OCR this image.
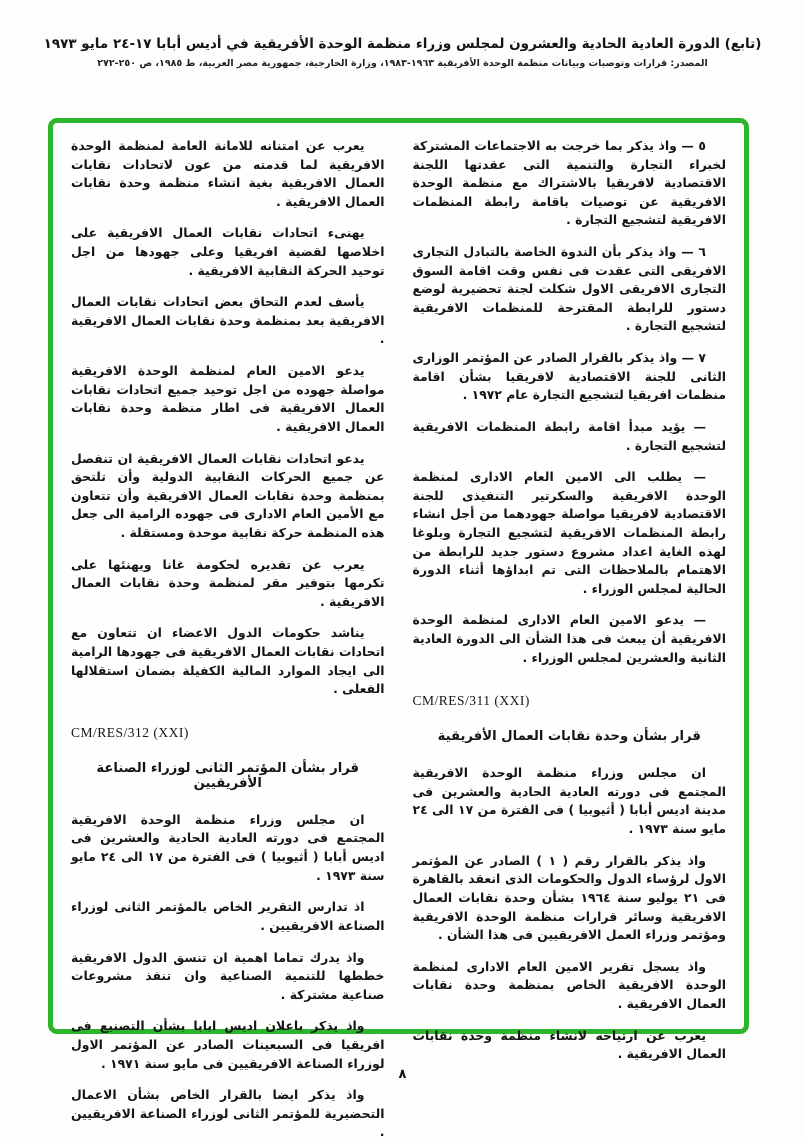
(تابع) الدورة العادية الحادية والعشرون لمجلس وزراء منظمة الوحدة الأفريقية في أديس أبابا ١٧-٢٤ مايو ١٩٧٣
المصدر: قرارات وتوصيات وبيانات منظمة الوحدة الأفريقية ١٩٦٣-١٩٨٣، وزارة الخارجية، جمهورية مصر العربية، ط ١٩٨٥، ص ٢٥٠-٢٧٢

٥ — واذ يذكر بما خرجت به الاجتماعات المشتركة لخبراء التجارة والتنمية التى عقدتها اللجنة الاقتصادية لافريقيا بالاشتراك مع منظمة الوحدة الافريقية عن توصيات باقامة رابطة المنظمات الافريقية لتشجيع التجارة .

٦ — واذ يذكر بأن الندوة الخاصة بالتبادل التجارى الافريقى التى عقدت فى نفس وقت اقامة السوق التجارى الافريقى الاول شكلت لجنة تحضيرية لوضع دستور للرابطة المقترحة للمنظمات الافريقية لتشجيع التجارة .

٧ — واذ يذكر بالقرار الصادر عن المؤتمر الوزارى الثانى للجنة الاقتصادية لافريقيا بشأن اقامة منظمات افريقيا لتشجيع التجارة عام ١٩٧٢ .

— يؤيد مبدأ اقامة رابطة المنظمات الافريقية لتشجيع التجارة .

— يطلب الى الامين العام الادارى لمنظمة الوحدة الافريقية والسكرتير التنفيذى للجنة الاقتصادية لافريقيا مواصلة جهودهما من أجل انشاء رابطة المنظمات الافريقية لتشجيع التجارة وبلوغا لهذه الغاية اعداد مشروع دستور جديد للرابطة من الاهتمام بالملاحظات التى تم ابداؤها أثناء الدورة الحالية لمجلس الوزراء .

— يدعو الامين العام الادارى لمنظمة الوحدة الافريقية أن يبعث فى هذا الشأن الى الدورة العادية الثانية والعشرين لمجلس الوزراء .

CM/RES/311 (XXI)
قرار بشأن وحدة نقابات العمال الأفريقية

ان مجلس وزراء منظمة الوحدة الافريقية المجتمع فى دورته العادية الحادية والعشرين فى مدينة اديس أبابا ( أثيوبيا ) فى الفترة من ١٧ الى ٢٤ مايو سنة ١٩٧٣ .

واذ يذكر بالقرار رقم ( ١ ) الصادر عن المؤتمر الاول لرؤساء الدول والحكومات الذى انعقد بالقاهرة فى ٢١ يوليو سنة ١٩٦٤ بشأن وحدة نقابات العمال الافريقية وسائر قرارات منظمة الوحدة الافريقية ومؤتمر وزراء العمل الافريقيين فى هذا الشأن .

واذ يسجل تقرير الامين العام الادارى لمنظمة الوحدة الافريقية الخاص بمنظمة وحدة نقابات العمال الافريقية .

يعرب عن ارتياحه لانشاء منظمة وحدة نقابات العمال الافريقية .

يعرب عن امتنانه للامانة العامة لمنظمة الوحدة الافريقية لما قدمته من عون لاتحادات نقابات العمال الافريقية بغية انشاء منظمة وحدة نقابات العمال الافريقية .

يهنىء اتحادات نقابات العمال الافريقية على اخلاصها لقضية افريقيا وعلى جهودها من اجل توحيد الحركة النقابية الافريقية .

يأسف لعدم التحاق بعض اتحادات نقابات العمال الافريقية بعد بمنظمة وحدة نقابات العمال الافريقية .

يدعو الامين العام لمنظمة الوحدة الافريقية مواصلة جهوده من اجل توحيد جميع اتحادات نقابات العمال الافريقية فى اطار منظمة وحدة نقابات العمال الافريقية .

يدعو اتحادات نقابات العمال الافريقية ان تنفصل عن جميع الحركات النقابية الدولية وأن تلتحق بمنظمة وحدة نقابات العمال الافريقية وأن تتعاون مع الأمين العام الادارى فى جهوده الرامية الى جعل هذه المنظمة حركة نقابية موحدة ومستقلة .

يعرب عن تقديره لحكومة غانا ويهنئها على تكرمها بتوفير مقر لمنظمة وحدة نقابات العمال الافريقية .

يناشد حكومات الدول الاعضاء ان تتعاون مع اتحادات نقابات العمال الافريقية فى جهودها الرامية الى ايجاد الموارد المالية الكفيلة بضمان استقلالها الفعلى .

CM/RES/312 (XXI)
قرار بشأن المؤتمر الثانى لوزراء الصناعة الأفريقيين

ان مجلس وزراء منظمة الوحدة الافريقية المجتمع فى دورته العادية الحادية والعشرين فى اديس أبابا ( أثيوبيا ) فى الفترة من ١٧ الى ٢٤ مايو سنة ١٩٧٣ .

اذ تدارس التقرير الخاص بالمؤتمر الثانى لوزراء الصناعة الافريقيين .

واذ يدرك تماما اهمية ان تنسق الدول الافريقية خططها للتنمية الصناعية وان تنفذ مشروعات صناعية مشتركة .

واذ يذكر باعلان اديس ابابا بشأن التصنيع فى افريقيا فى السبعينات الصادر عن المؤتمر الاول لوزراء الصناعة الافريقيين فى مايو سنة ١٩٧١ .

واذ يذكر ايضا بالقرار الخاص بشأن الاعمال التحضيرية للمؤتمر الثانى لوزراء الصناعة الافريقيين .

٨
